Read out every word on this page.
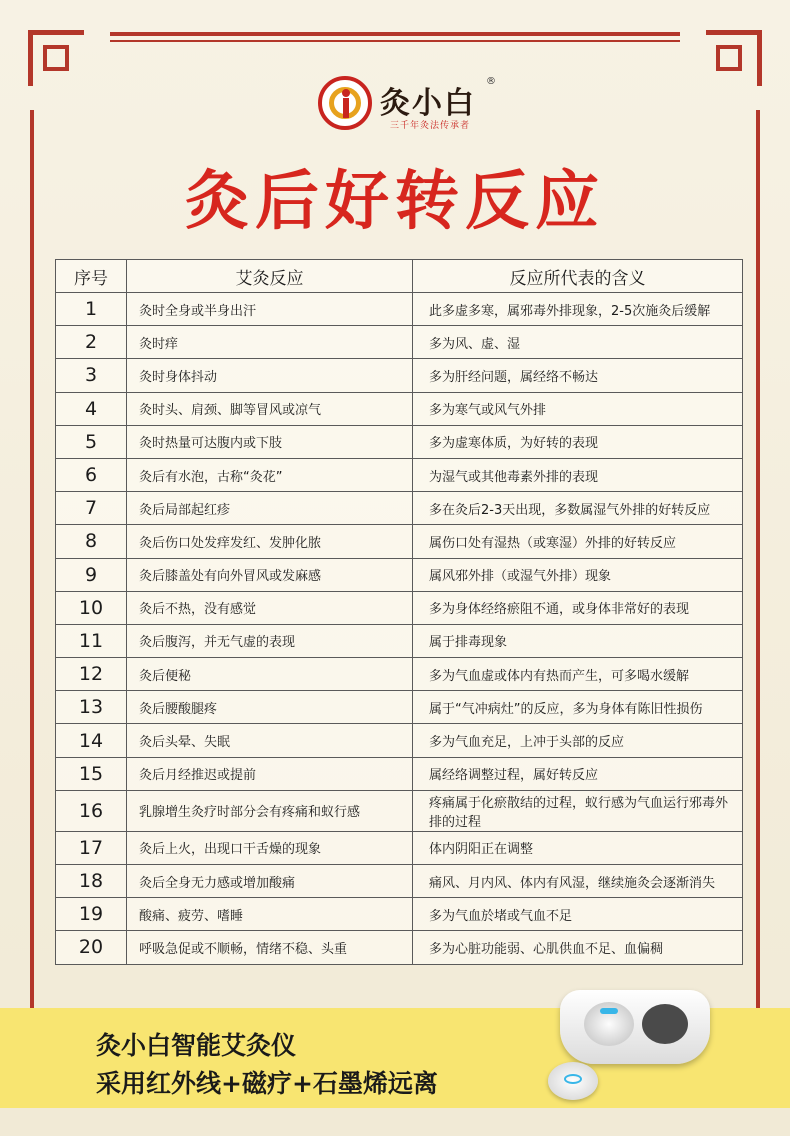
灸小白
®
三千年灸法传承者
灸后好转反应
序号	艾灸反应	反应所代表的含义
1	灸时全身或半身出汗	此多虚多寒，属邪毒外排现象，2-5次施灸后缓解
2	灸时痒	多为风、虚、湿
3	灸时身体抖动	多为肝经问题，属经络不畅达
4	灸时头、肩颈、脚等冒风或凉气	多为寒气或风气外排
5	灸时热量可达腹内或下肢	多为虚寒体质，为好转的表现
6	灸后有水泡，古称“灸花”	为湿气或其他毒素外排的表现
7	灸后局部起红疹	多在灸后2-3天出现，多数属湿气外排的好转反应
8	灸后伤口处发痒发红、发肿化脓	属伤口处有湿热（或寒湿）外排的好转反应
9	灸后膝盖处有向外冒风或发麻感	属风邪外排（或湿气外排）现象
10	灸后不热，没有感觉	多为身体经络瘀阻不通，或身体非常好的表现
11	灸后腹泻，并无气虚的表现	属于排毒现象
12	灸后便秘	多为气血虚或体内有热而产生，可多喝水缓解
13	灸后腰酸腿疼	属于“气冲病灶”的反应，多为身体有陈旧性损伤
14	灸后头晕、失眠	多为气血充足，上冲于头部的反应
15	灸后月经推迟或提前	属经络调整过程，属好转反应
16	乳腺增生灸疗时部分会有疼痛和蚁行感	疼痛属于化瘀散结的过程，蚁行感为气血运行邪毒外排的过程
17	灸后上火，出现口干舌燥的现象	体内阴阳正在调整
18	灸后全身无力感或增加酸痛	痛风、月内风、体内有风湿，继续施灸会逐渐消失
19	酸痛、疲劳、嗜睡	多为气血於堵或气血不足
20	呼吸急促或不顺畅，情绪不稳、头重	多为心脏功能弱、心肌供血不足、血偏稠
灸小白智能艾灸仪
采用红外线+磁疗+石墨烯远离
